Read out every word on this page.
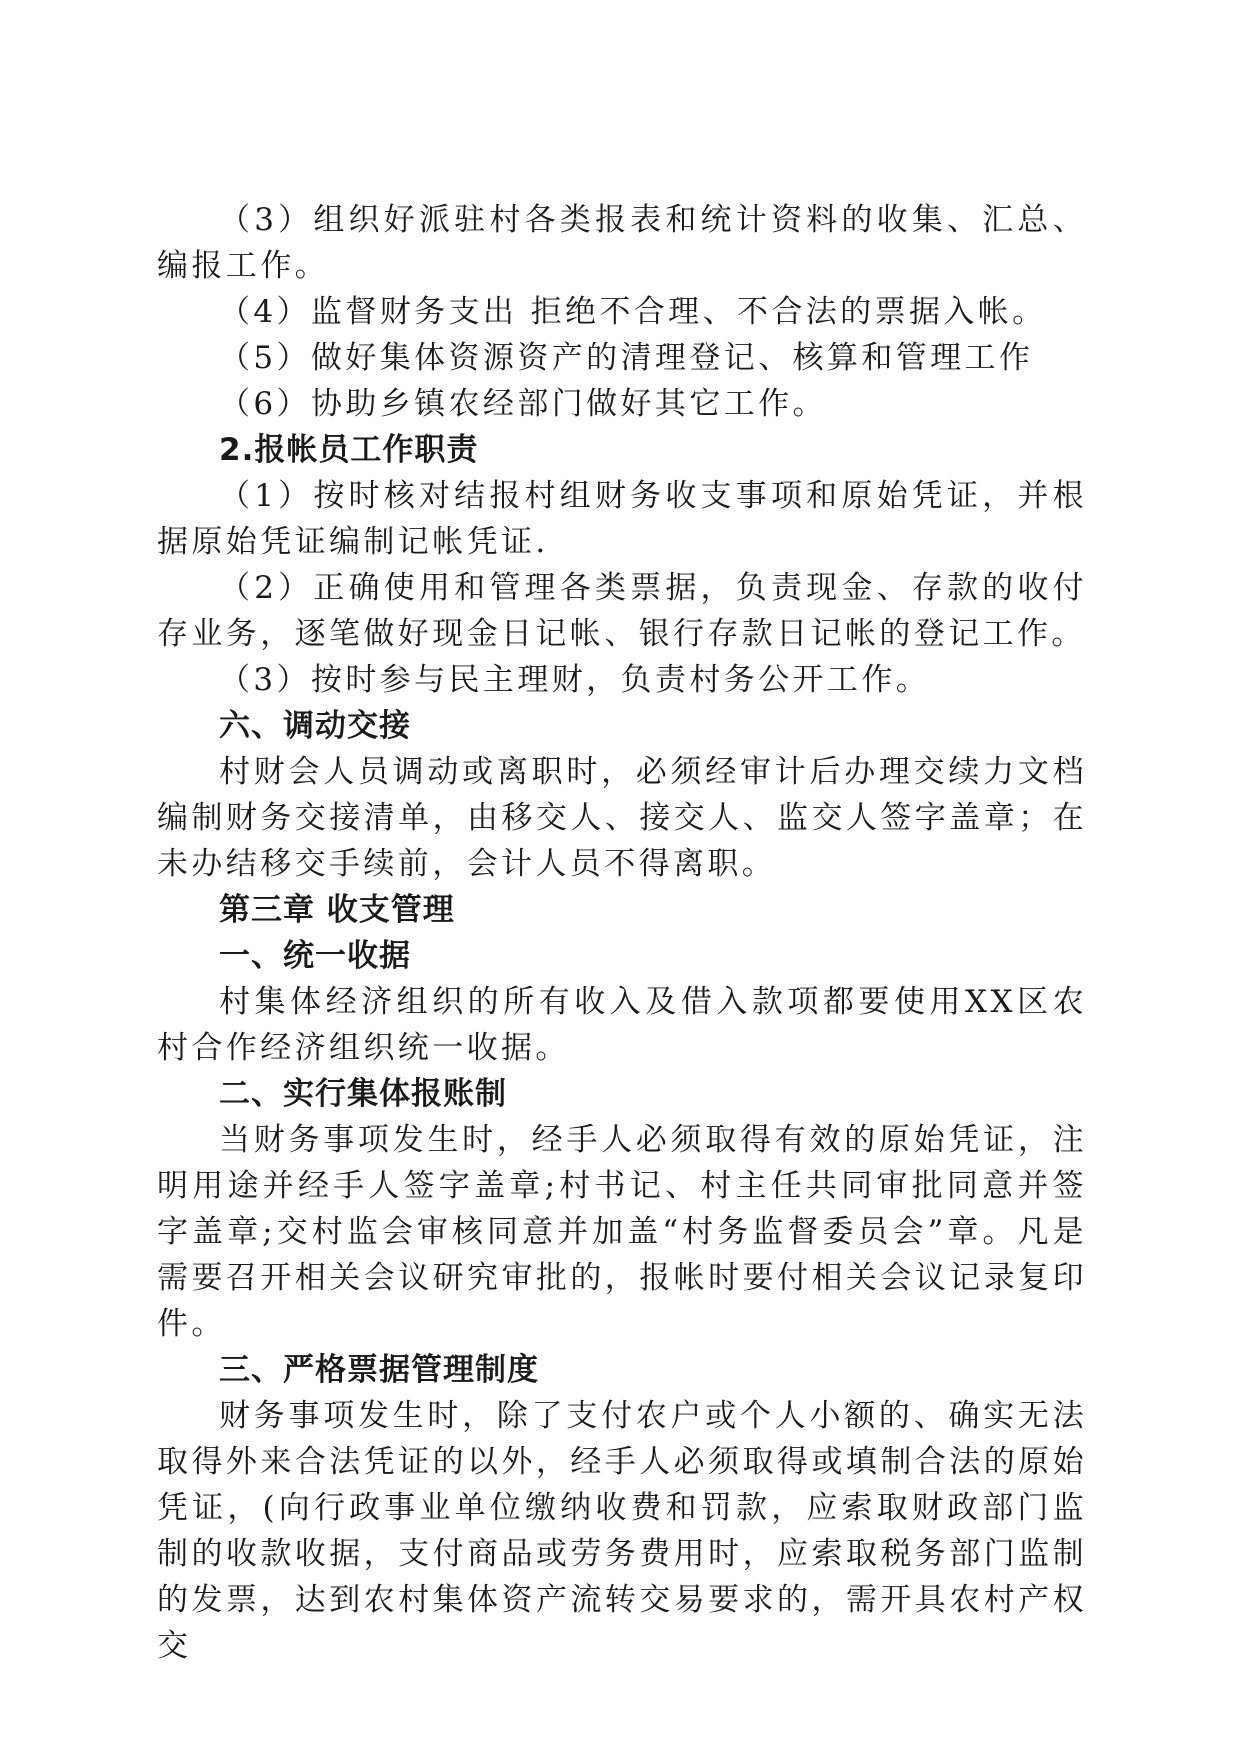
（3）组织好派驻村各类报表和统计资料的收集、汇总、编报工作。

（4）监督财务支出 拒绝不合理、不合法的票据入帐。

（5）做好集体资源资产的清理登记、核算和管理工作

（6）协助乡镇农经部门做好其它工作。

2.报帐员工作职责

（1）按时核对结报村组财务收支事项和原始凭证，并根据原始凭证编制记帐凭证.

（2）正确使用和管理各类票据，负责现金、存款的收付存业务，逐笔做好现金日记帐、银行存款日记帐的登记工作。

（3）按时参与民主理财，负责村务公开工作。

六、调动交接

村财会人员调动或离职时，必须经审计后办理交续力文档编制财务交接清单，由移交人、接交人、监交人签字盖章；在未办结移交手续前，会计人员不得离职。

第三章 收支管理

一、统一收据

村集体经济组织的所有收入及借入款项都要使用XX区农村合作经济组织统一收据。

二、实行集体报账制

当财务事项发生时，经手人必须取得有效的原始凭证，注明用途并经手人签字盖章;村书记、村主任共同审批同意并签字盖章;交村监会审核同意并加盖“村务监督委员会”章。凡是需要召开相关会议研究审批的，报帐时要付相关会议记录复印件。

三、严格票据管理制度

财务事项发生时，除了支付农户或个人小额的、确实无法取得外来合法凭证的以外，经手人必须取得或填制合法的原始凭证，(向行政事业单位缴纳收费和罚款，应索取财政部门监制的收款收据，支付商品或劳务费用时，应索取税务部门监制的发票，达到农村集体资产流转交易要求的，需开具农村产权交
